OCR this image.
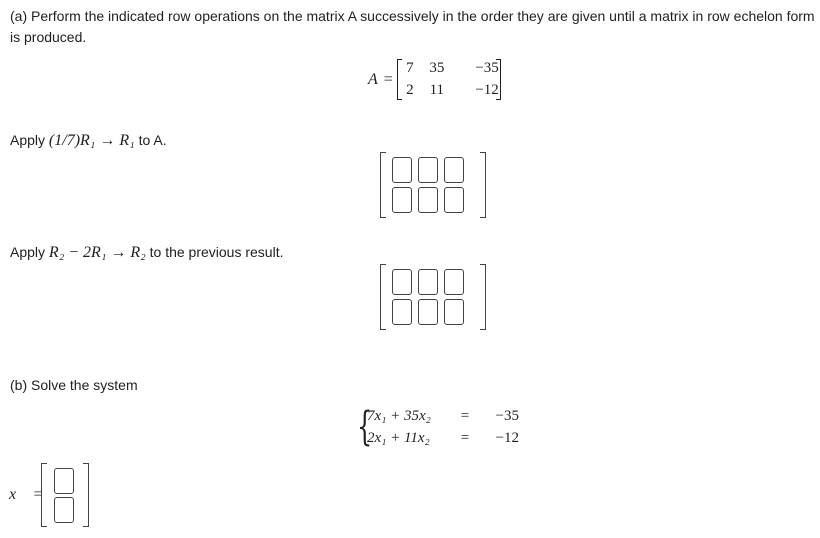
(a) Perform the indicated row operations on the matrix A successively in the order they are given until a matrix in row echelon form is produced.
A =
7	35	−35
2	11	−12
Apply (1/7)R₁ → R₁ to A.
Apply R₂ − 2R₁ → R₂ to the previous result.
(b) Solve the system
{
7x₁ + 35x₂ = −35
2x₁ + 11x₂ = −12
x⃗ =
